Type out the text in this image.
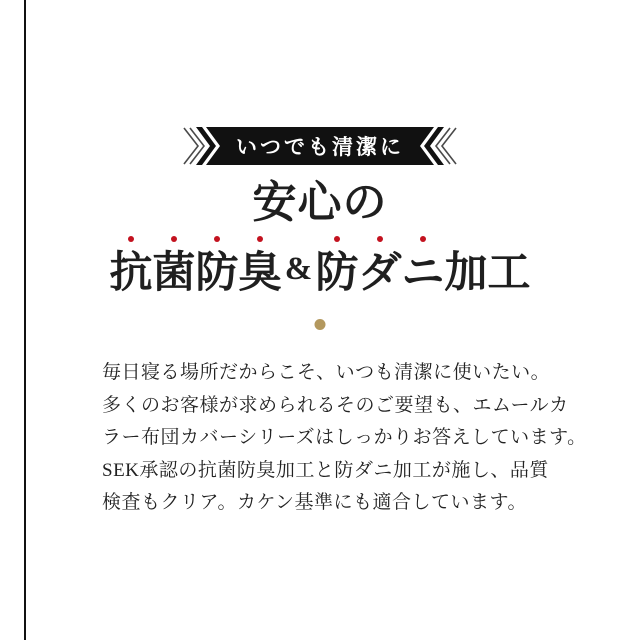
いつでも清潔に
安心の
抗 菌 防 臭 & 防 ダ ニ 加 工
毎日寝る場所だからこそ、いつも清潔に使いたい。
多くのお客様が求められるそのご要望も、エムールカ
ラー布団カバーシリーズはしっかりお答えしています。
SEK承認の抗菌防臭加工と防ダニ加工が施し、品質
検査もクリア。カケン基準にも適合しています。
